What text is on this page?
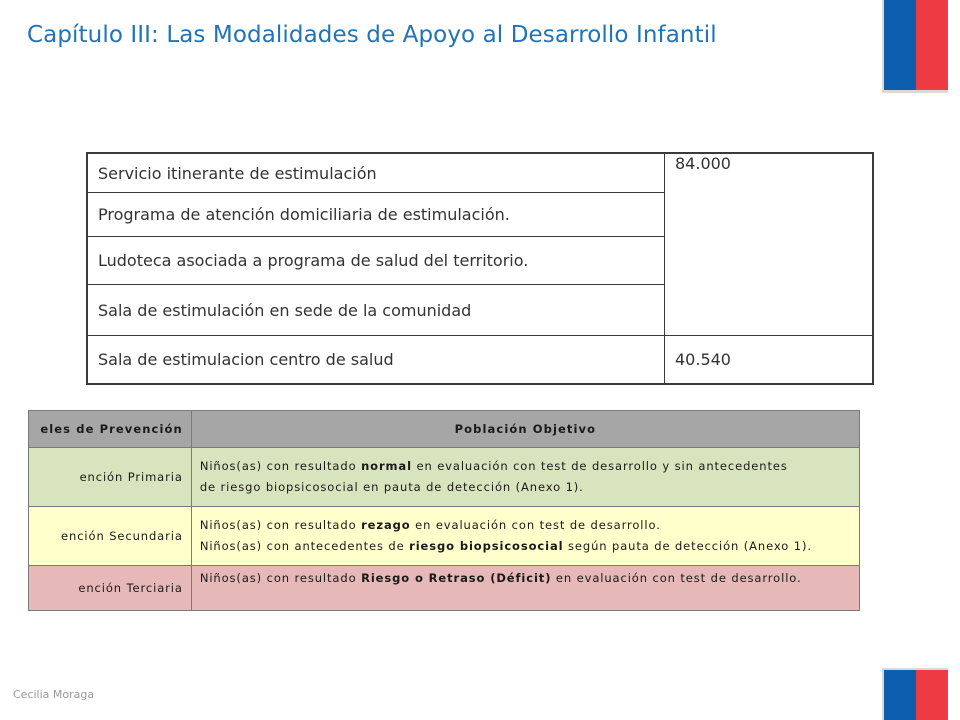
Capítulo III: Las Modalidades de Apoyo al Desarrollo Infantil
Servicio itinerante de estimulación	84.000
Programa de atención domiciliaria de estimulación.	
Ludoteca asociada a programa de salud del territorio.	
Sala de estimulación en sede de la comunidad	
Sala de estimulacion centro de salud	40.540
eles de Prevención	Población Objetivo
ención Primaria	Niños(as) con resultado normal en evaluación con test de desarrollo y sin antecedentes
de riesgo biopsicosocial en pauta de detección (Anexo 1).

ención Secundaria	Niños(as) con resultado rezago en evaluación con test de desarrollo.
Niños(as) con antecedentes de riesgo biopsicosocial según pauta de detección (Anexo 1).

ención Terciaria	Niños(as) con resultado Riesgo o Retraso (Déficit) en evaluación con test de desarrollo.
Cecilia Moraga
